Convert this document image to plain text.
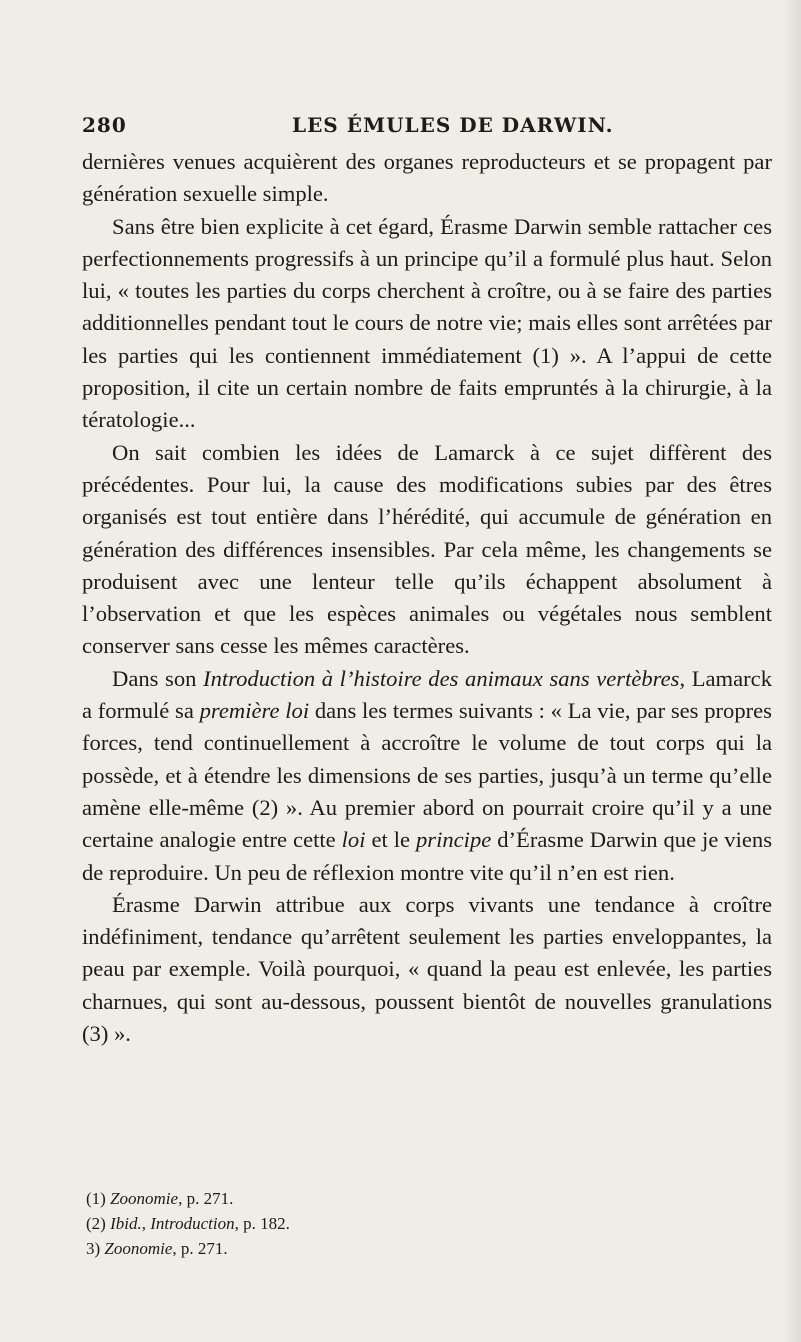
280	LES ÉMULES DE DARWIN.

dernières venues acquièrent des organes reproducteurs et se propagent par génération sexuelle simple.

Sans être bien explicite à cet égard, Érasme Darwin semble rattacher ces perfectionnements progressifs à un principe qu’il a formulé plus haut. Selon lui, « toutes les parties du corps cherchent à croître, ou à se faire des parties additionnelles pendant tout le cours de notre vie; mais elles sont arrêtées par les parties qui les contiennent immédiatement (1) ». A l’appui de cette proposition, il cite un certain nombre de faits empruntés à la chirurgie, à la tératologie...

On sait combien les idées de Lamarck à ce sujet diffèrent des précédentes. Pour lui, la cause des modifications subies par des êtres organisés est tout entière dans l’hérédité, qui accumule de génération en génération des différences insensibles. Par cela même, les changements se produisent avec une lenteur telle qu’ils échappent absolument à l’observation et que les espèces animales ou végétales nous semblent conserver sans cesse les mêmes caractères.

Dans son Introduction à l’histoire des animaux sans vertèbres, Lamarck a formulé sa première loi dans les termes suivants : « La vie, par ses propres forces, tend continuellement à accroître le volume de tout corps qui la possède, et à étendre les dimensions de ses parties, jusqu’à un terme qu’elle amène elle-même (2) ». Au premier abord on pourrait croire qu’il y a une certaine analogie entre cette loi et le principe d’Érasme Darwin que je viens de reproduire. Un peu de réflexion montre vite qu’il n’en est rien.

Érasme Darwin attribue aux corps vivants une tendance à croître indéfiniment, tendance qu’arrêtent seulement les parties enveloppantes, la peau par exemple. Voilà pourquoi, « quand la peau est enlevée, les parties charnues, qui sont au-dessous, poussent bientôt de nouvelles granulations (3) ».

(1) Zoonomie, p. 271.

(2) Ibid., Introduction, p. 182.

3) Zoonomie, p. 271.
